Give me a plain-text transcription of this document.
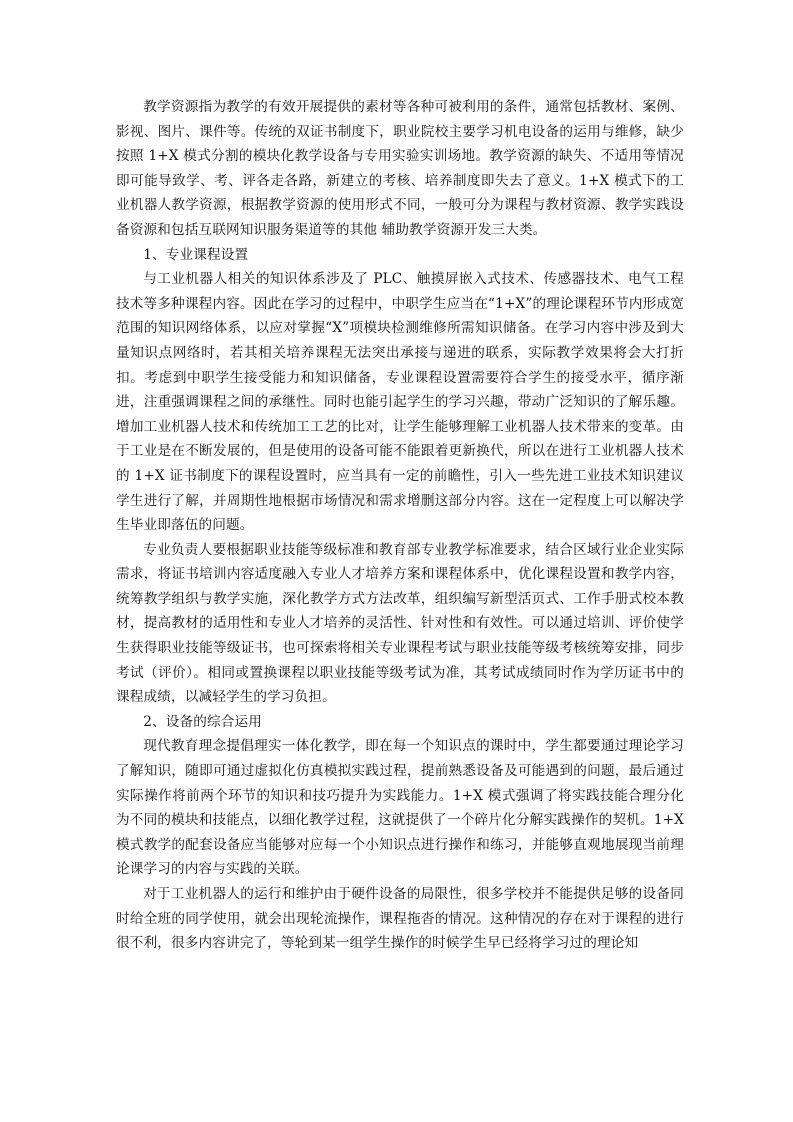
教学资源指为教学的有效开展提供的素材等各种可被利用的条件，通常包括教材、案例、影视、图片、课件等。传统的双证书制度下，职业院校主要学习机电设备的运用与维修，缺少按照 1+X 模式分割的模块化教学设备与专用实验实训场地。教学资源的缺失、不适用等情况即可能导致学、考、评各走各路，新建立的考核、培养制度即失去了意义。1+X 模式下的工业机器人教学资源，根据教学资源的使用形式不同，一般可分为课程与教材资源、教学实践设备资源和包括互联网知识服务渠道等的其他 辅助教学资源开发三大类。

1、专业课程设置

与工业机器人相关的知识体系涉及了 PLC、触摸屏嵌入式技术、传感器技术、电气工程技术等多种课程内容。因此在学习的过程中，中职学生应当在“1+X”的理论课程环节内形成宽范围的知识网络体系，以应对掌握“X”项模块检测维修所需知识储备。在学习内容中涉及到大量知识点网络时，若其相关培养课程无法突出承接与递进的联系，实际教学效果将会大打折扣。考虑到中职学生接受能力和知识储备，专业课程设置需要符合学生的接受水平，循序渐进，注重强调课程之间的承继性。同时也能引起学生的学习兴趣，带动广泛知识的了解乐趣。增加工业机器人技术和传统加工工艺的比对，让学生能够理解工业机器人技术带来的变革。由于工业是在不断发展的，但是使用的设备可能不能跟着更新换代，所以在进行工业机器人技术的 1+X 证书制度下的课程设置时，应当具有一定的前瞻性，引入一些先进工业技术知识建议学生进行了解，并周期性地根据市场情况和需求增删这部分内容。这在一定程度上可以解决学生毕业即落伍的问题。

专业负责人要根据职业技能等级标准和教育部专业教学标准要求，结合区域行业企业实际需求，将证书培训内容适度融入专业人才培养方案和课程体系中，优化课程设置和教学内容，统筹教学组织与教学实施，深化教学方式方法改革，组织编写新型活页式、工作手册式校本教材，提高教材的适用性和专业人才培养的灵活性、针对性和有效性。可以通过培训、评价使学生获得职业技能等级证书，也可探索将相关专业课程考试与职业技能等级考核统筹安排，同步考试（评价）。相同或置换课程以职业技能等级考试为准，其考试成绩同时作为学历证书中的课程成绩，以减轻学生的学习负担。

2、设备的综合运用

现代教育理念提倡理实一体化教学，即在每一个知识点的课时中，学生都要通过理论学习了解知识，随即可通过虚拟化仿真模拟实践过程，提前熟悉设备及可能遇到的问题，最后通过实际操作将前两个环节的知识和技巧提升为实践能力。1+X 模式强调了将实践技能合理分化为不同的模块和技能点，以细化教学过程，这就提供了一个碎片化分解实践操作的契机。1+X 模式教学的配套设备应当能够对应每一个小知识点进行操作和练习，并能够直观地展现当前理论课学习的内容与实践的关联。

对于工业机器人的运行和维护由于硬件设备的局限性，很多学校并不能提供足够的设备同时给全班的同学使用，就会出现轮流操作，课程拖沓的情况。这种情况的存在对于课程的进行很不利，很多内容讲完了，等轮到某一组学生操作的时候学生早已经将学习过的理论知
